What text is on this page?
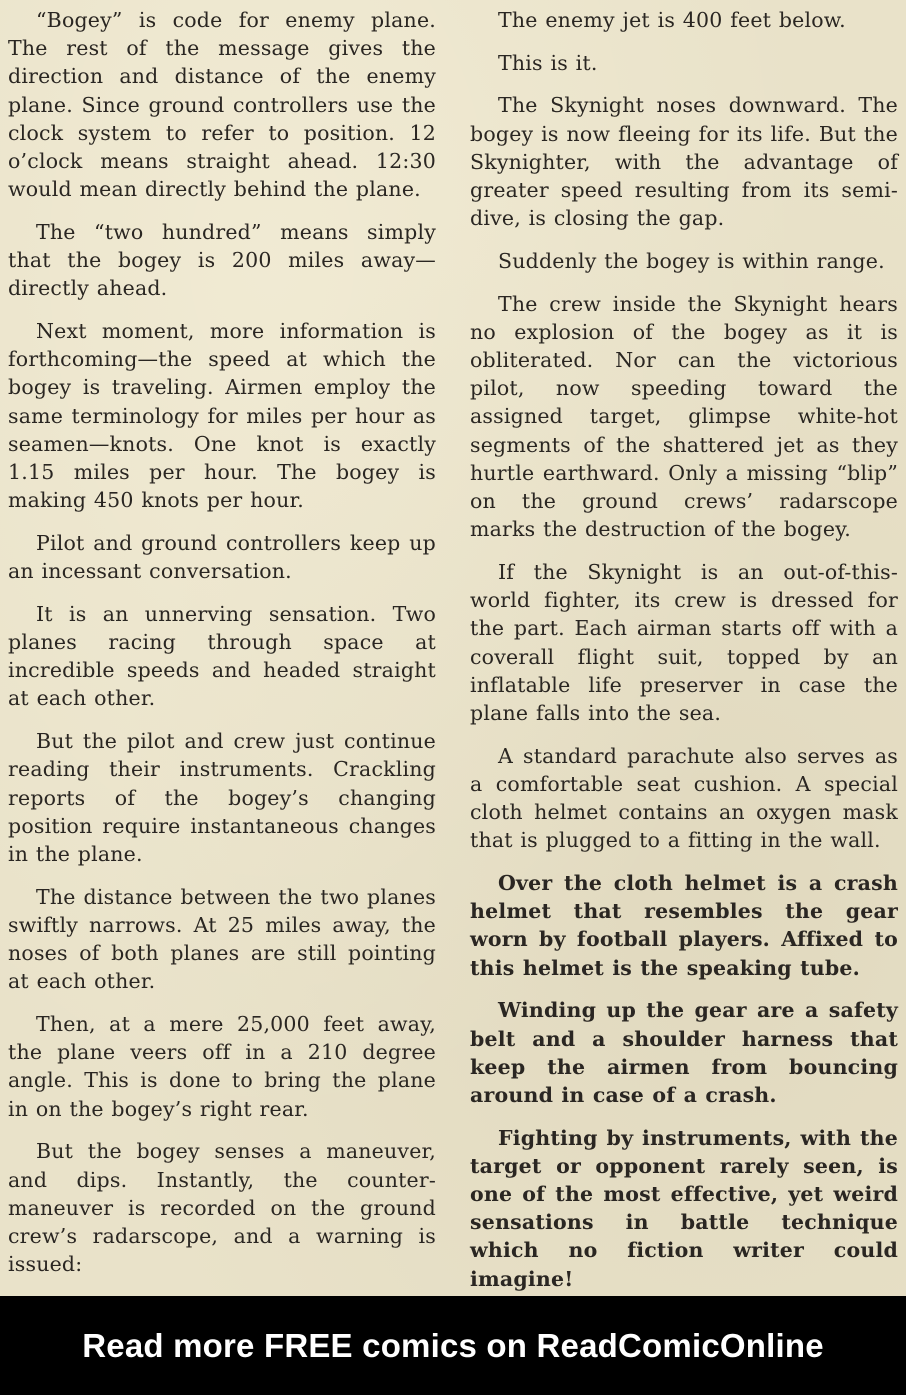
“Bogey” is code for ​enemy plane. The rest of the message gives the direction and distance of the enemy plane. Since ground controllers use the clock system to refer to position. 12 o’clock means straight ahead. 12:30 would mean directly behind the plane.

The “two hundred” means simply that the bogey is 200 miles away—directly ahead.

Next moment, more information is forthcoming—the speed at which the bogey is traveling. Airmen employ the same terminology for miles per hour as seamen—knots. One knot is exactly 1.15 miles per hour. The bogey is making 450 knots per hour.

Pilot and ground controllers keep up an incessant conversation.

It is an unnerving sensation. Two planes racing through space at incredible speeds and headed straight at each other.

But the pilot and crew just continue reading their instruments. Crackling reports of the bogey’s changing position require instantaneous changes in the plane.

The distance between the two planes swiftly narrows. At 25 miles away, the noses of both planes are still pointing at each other.

Then, at a mere 25,000 feet away, the plane veers off in a 210 degree angle. This is done to bring the plane in on the bogey’s right rear.

But the bogey senses a maneuver, and dips. Instantly, the counter-maneuver is recorded on the ground crew’s radarscope, and a warning is issued:

The enemy jet is 400 feet below.

This is it.

The Skynight noses downward. The bogey is now fleeing for its life. But the Skynighter, with the advantage of greater speed resulting from its semi-dive, is closing the gap.

Suddenly the bogey is within range.

The crew inside the Skynight hears no explosion of the bogey as it is obliterated. Nor can the victorious pilot, now speeding toward the assigned target, glimpse white-hot segments of the shattered jet as they hurtle earthward. Only a missing “blip” on the ground crews’ radarscope marks the destruction of the bogey.

If the Skynight is an out-of-this-world fighter, its crew is dressed for the part. Each airman starts off with a coverall flight suit, topped by an inflatable life preserver in case the plane falls into the sea.

A standard parachute also serves as a comfortable seat cushion. A special cloth helmet contains an oxygen mask that is plugged to a fitting in the wall.

Over the cloth helmet is a crash helmet that resembles the gear worn by football players. Affixed to this helmet is the speaking tube.

Winding up the gear are a safety belt and a shoulder harness that keep the airmen from bouncing around in case of a crash.

Fighting by instruments, with the target or opponent rarely seen, is one of the most effective, yet weird sensations in battle technique which no fiction writer could imagine!

Read more FREE comics on ReadComicOnline
